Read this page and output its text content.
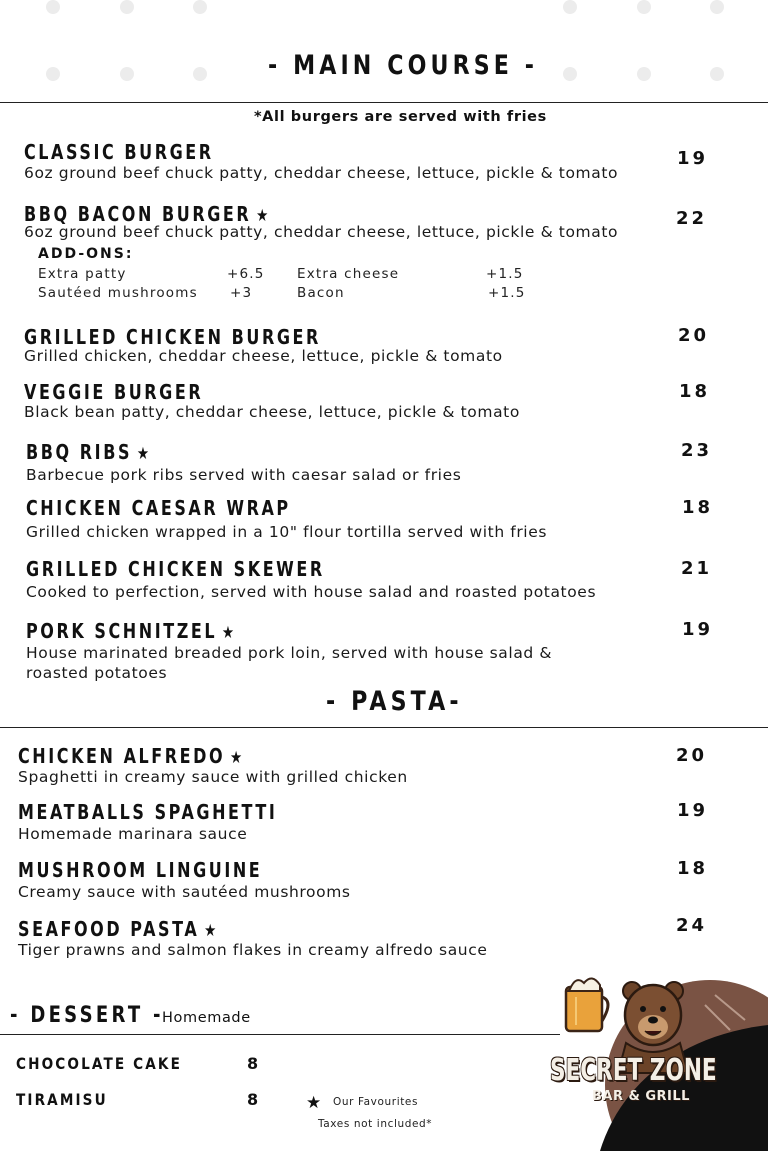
- MAIN COURSE -
*All burgers are served with fries
CLASSIC BURGER
6oz ground beef chuck patty, cheddar cheese, lettuce, pickle & tomato
19
BBQ BACON BURGER ★
6oz ground beef chuck patty, cheddar cheese, lettuce, pickle & tomato
22
ADD-ONS:
Extra patty	+6.5
Sautéed mushrooms +3
Extra cheese	+1.5
Bacon	+1.5
GRILLED CHICKEN BURGER
Grilled chicken, cheddar cheese, lettuce, pickle & tomato
20
VEGGIE BURGER
Black bean patty, cheddar cheese, lettuce, pickle & tomato
18
BBQ RIBS ★
Barbecue pork ribs served with caesar salad or fries
23
CHICKEN CAESAR WRAP
Grilled chicken wrapped in a 10" flour tortilla served with fries
18
GRILLED CHICKEN SKEWER
Cooked to perfection, served with house salad and roasted potatoes
21
PORK SCHNITZEL ★
House marinated breaded pork loin, served with house salad &
roasted potatoes
19
- PASTA-
CHICKEN ALFREDO ★
Spaghetti in creamy sauce with grilled chicken
20
MEATBALLS SPAGHETTI
Homemade marinara sauce
19
MUSHROOM LINGUINE
Creamy sauce with sautéed mushrooms
18
SEAFOOD PASTA ★
Tiger prawns and salmon flakes in creamy alfredo sauce
24
SECRET ZONE
BAR & GRILL
- DESSERT -
Homemade
CHOCOLATE CAKE	8
TIRAMISU	8	★ Our Favourites
Taxes not included*
